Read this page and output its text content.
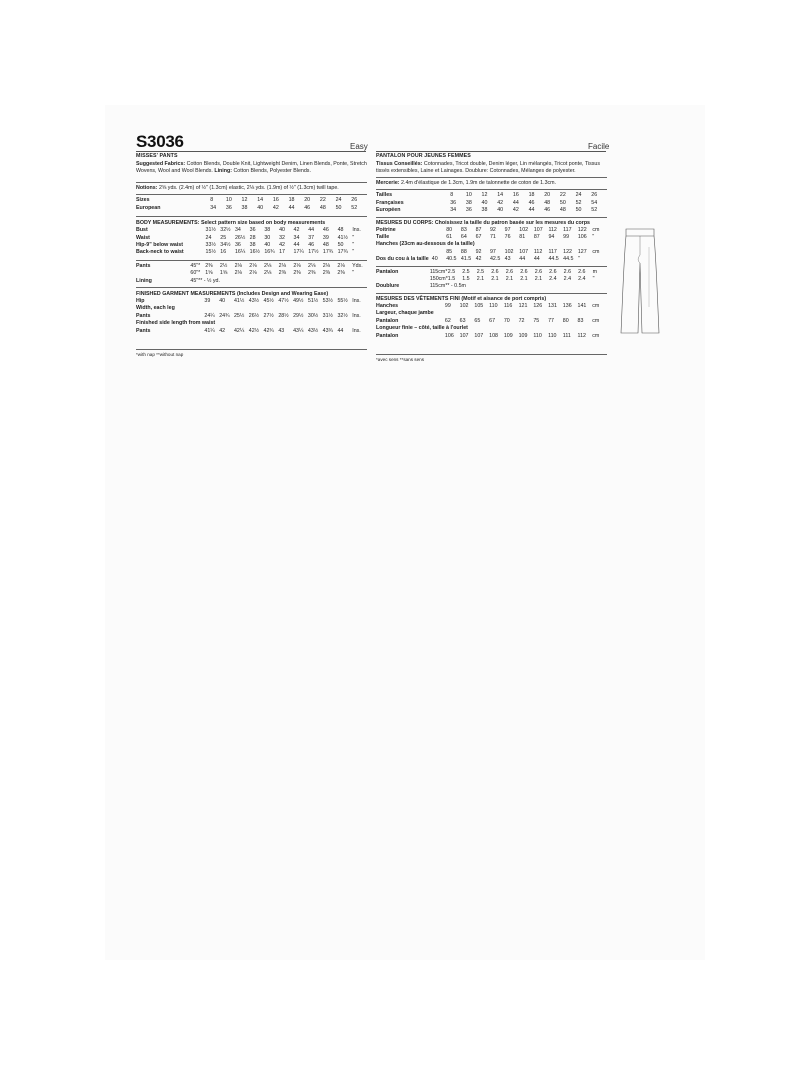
S3036	Easy	Facile
MISSES' PANTS
Suggested Fabrics: Cotton Blends, Double Knit, Lightweight Denim, Linen Blends, Ponte, Stretch Wovens, Wool and Wool Blends. Lining: Cotton Blends, Polyester Blends.
Notions: 2⅝ yds. (2.4m) of ½" (1.3cm) elastic, 2⅛ yds. (1.9m) of ½" (1.3cm) twill tape.
Sizes		8	10	12	14	16	18	20	22	24	26
European		34	36	38	40	42	44	46	48	50	52
BODY MEASUREMENTS: Select pattern size based on body measurements
Bust		31½	32½	34	36	38	40	42	44	46	48	Ins.
Waist		24	25	26½	28	30	32	34	37	39	41½	"
Hip-9" below waist		33½	34½	36	38	40	42	44	46	48	50	"
Back-neck to waist		15½	16	16¼	16½	16¾	17	17¼	17½	17¾	17¾	"
Pants	45"*	2⅜	2½	2⅛	2⅛	2⅛	2⅛	2⅛	2⅛	2⅛	2⅛	Yds.
	60"*	1⅝	1⅝	2⅛	2⅛	2⅛	2⅜	2⅜	2⅜	2⅜	2⅜	"
Lining	45"** - ½ yd.											
FINISHED GARMENT MEASUREMENTS (Includes Design and Wearing Ease)
Hip		39	40	41½	43½	45½	47½	49½	51½	53½	55½	Ins.
Width, each leg												
Pants		24¼	24¾	25½	26½	27½	28½	29½	30½	31½	32½	Ins.
Finished side length from waist												
Pants		41¼	42	42¼	42½	42¾	43	43¼	43½	43¾	44	Ins.
*with nap **without nap
PANTALON POUR JEUNES FEMMES
Tissus Conseillés: Cotonnades, Tricot double, Denim léger, Lin mélangés, Tricot ponte, Tissus tissés extensibles, Laine et Lainages. Doublure: Cotonnades, Mélanges de polyester.
Mercerie: 2.4m d'élastique de 1.3cm, 1.9m de talonnette de coton de 1.3cm.
Tailles		8	10	12	14	16	18	20	22	24	26
Françaises		36	38	40	42	44	46	48	50	52	54
Européen		34	36	38	40	42	44	46	48	50	52
MESURES DU CORPS: Choisissez la taille du patron basée sur les mesures du corps
Poitrine		80	83	87	92	97	102	107	112	117	122	cm
Taille		61	64	67	71	76	81	87	94	99	106	"
Hanches (23cm au-dessous de la taille)												
		85	88	92	97	102	107	112	117	122	127	cm
Dos du cou à la taille	40	40.5	41.5	42	42.5	43	44	44	44.5	44.5	"	
Pantalon	115cm*	2.5	2.5	2.5	2.6	2.6	2.6	2.6	2.6	2.6	2.6	m
	150cm*	1.5	1.5	2.1	2.1	2.1	2.1	2.1	2.4	2.4	2.4	"
Doublure	115cm** - 0.5m											
MESURES DES VÊTEMENTS FINI (Motif et aisance de port compris)
Hanches		99	102	105	110	116	121	126	131	136	141	cm
Largeur, chaque jambe												
Pantalon		62	63	65	67	70	72	75	77	80	83	cm
Longueur finie – côté, taille à l'ourlet												
Pantalon		106	107	107	108	109	109	110	110	111	112	cm
*avec sens **sans sens
